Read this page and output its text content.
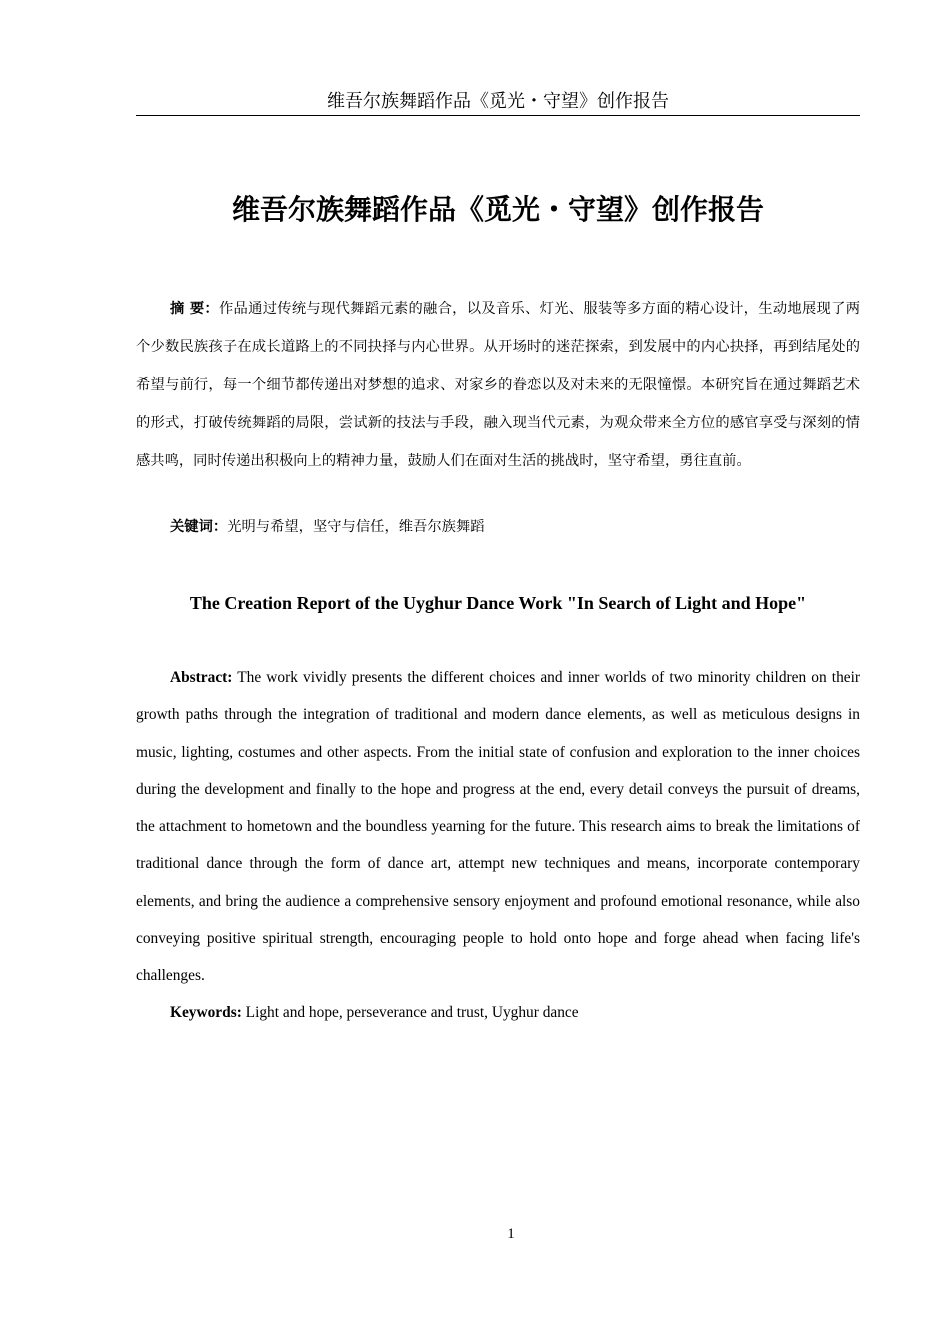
维吾尔族舞蹈作品《觅光・守望》创作报告
维吾尔族舞蹈作品《觅光・守望》创作报告

摘 要：作品通过传统与现代舞蹈元素的融合，以及音乐、灯光、服装等多方面的精心设计，生动地展现了两个少数民族孩子在成长道路上的不同抉择与内心世界。从开场时的迷茫探索，到发展中的内心抉择，再到结尾处的希望与前行，每一个细节都传递出对梦想的追求、对家乡的眷恋以及对未来的无限憧憬。本研究旨在通过舞蹈艺术的形式，打破传统舞蹈的局限，尝试新的技法与手段，融入现当代元素，为观众带来全方位的感官享受与深刻的情感共鸣，同时传递出积极向上的精神力量，鼓励人们在面对生活的挑战时，坚守希望，勇往直前。

关键词：光明与希望，坚守与信任，维吾尔族舞蹈

The Creation Report of the Uyghur Dance Work "In Search of Light and Hope"

Abstract: The work vividly presents the different choices and inner worlds of two minority children on their growth paths through the integration of traditional and modern dance elements, as well as meticulous designs in music, lighting, costumes and other aspects. From the initial state of confusion and exploration to the inner choices during the development and finally to the hope and progress at the end, every detail conveys the pursuit of dreams, the attachment to hometown and the boundless yearning for the future. This research aims to break the limitations of traditional dance through the form of dance art, attempt new techniques and means, incorporate contemporary elements, and bring the audience a comprehensive sensory enjoyment and profound emotional resonance, while also conveying positive spiritual strength, encouraging people to hold onto hope and forge ahead when facing life's challenges.

Keywords: Light and hope, perseverance and trust, Uyghur dance

1
